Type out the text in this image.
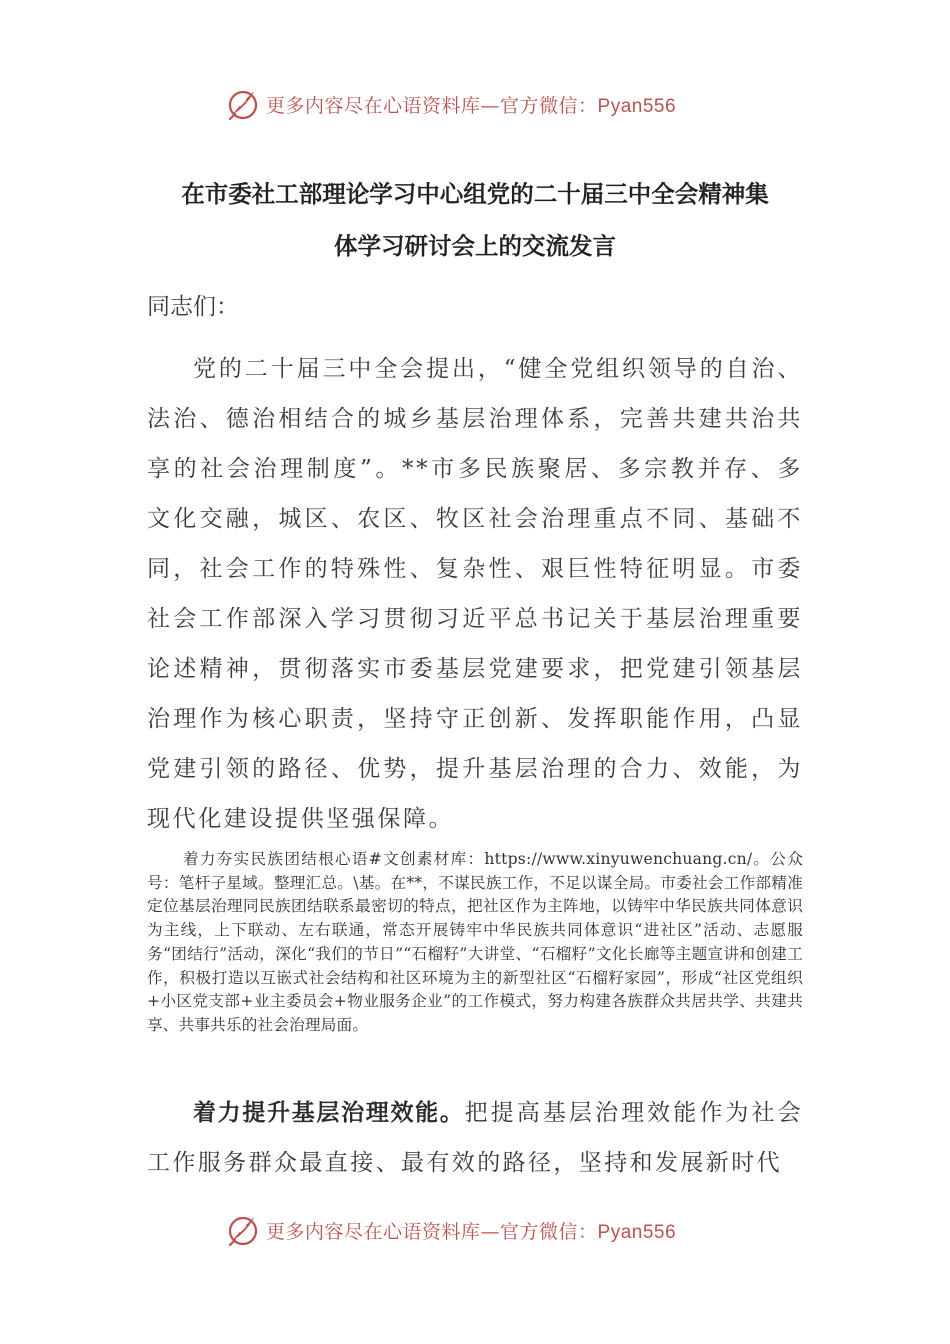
更多内容尽在心语资料库—官方微信：Pyan556
在市委社工部理论学习中心组党的二十届三中全会精神集
体学习研讨会上的交流发言
同志们：
党的二十届三中全会提出，“健全党组织领导的自治、法治、德治相结合的城乡基层治理体系，完善共建共治共享的社会治理制度”。**市多民族聚居、多宗教并存、多文化交融，城区、农区、牧区社会治理重点不同、基础不同，社会工作的特殊性、复杂性、艰巨性特征明显。市委社会工作部深入学习贯彻习近平总书记关于基层治理重要论述精神，贯彻落实市委基层党建要求，把党建引领基层治理作为核心职责，坚持守正创新、发挥职能作用，凸显党建引领的路径、优势，提升基层治理的合力、效能，为现代化建设提供坚强保障。
着力夯实民族团结根心语#文创素材库：https://www.xinyuwenchuang.cn/。公众号：笔杆子星域。整理汇总。\基。在**，不谋民族工作，不足以谋全局。市委社会工作部精准定位基层治理同民族团结联系最密切的特点，把社区作为主阵地，以铸牢中华民族共同体意识为主线，上下联动、左右联通，常态开展铸牢中华民族共同体意识“进社区”活动、志愿服务“团结行”活动，深化“我们的节日”“石榴籽”大讲堂、“石榴籽”文化长廊等主题宣讲和创建工作，积极打造以互嵌式社会结构和社区环境为主的新型社区“石榴籽家园”，形成“社区党组织+小区党支部+业主委员会+物业服务企业”的工作模式，努力构建各族群众共居共学、共建共享、共事共乐的社会治理局面。
着力提升基层治理效能。把提高基层治理效能作为社会工作服务群众最直接、最有效的路径，坚持和发展新时代
更多内容尽在心语资料库—官方微信：Pyan556
